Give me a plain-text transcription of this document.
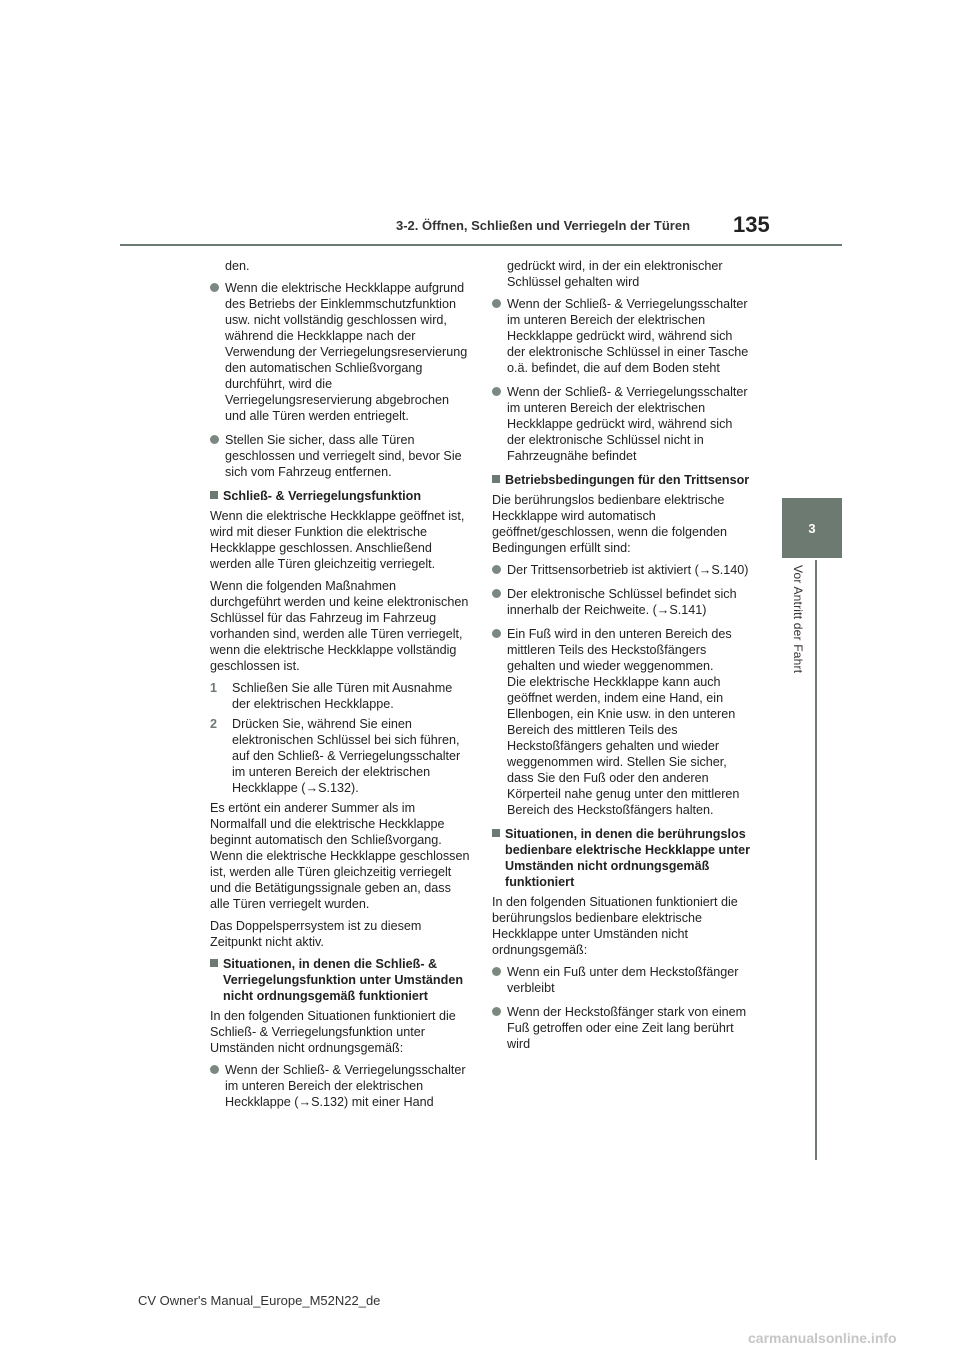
3-2. Öffnen, Schließen und Verriegeln der Türen	135
3
Vor Antritt der Fahrt

den.

Wenn die elektrische Heckklappe aufgrund des Betriebs der Einklemmschutzfunktion usw. nicht vollständig geschlossen wird, während die Heckklappe nach der Verwendung der Verriegelungsreservierung den automatischen Schließvorgang durchführt, wird die Verriegelungsreservierung abgebrochen und alle Türen werden entriegelt.
Stellen Sie sicher, dass alle Türen geschlossen und verriegelt sind, bevor Sie sich vom Fahrzeug entfernen.
Schließ- & Verriegelungsfunktion

Wenn die elektrische Heckklappe geöffnet ist, wird mit dieser Funktion die elektrische Heckklappe geschlossen. Anschließend werden alle Türen gleichzeitig verriegelt.

Wenn die folgenden Maßnahmen durchgeführt werden und keine elektronischen Schlüssel für das Fahrzeug im Fahrzeug vorhanden sind, werden alle Türen verriegelt, wenn die elektrische Heckklappe vollständig geschlossen ist.

1 Schließen Sie alle Türen mit Ausnahme der elektrischen Heckklappe.
2 Drücken Sie, während Sie einen elektronischen Schlüssel bei sich führen, auf den Schließ- & Verriegelungsschalter im unteren Bereich der elektrischen Heckklappe (→S.132).

Es ertönt ein anderer Summer als im Normalfall und die elektrische Heckklappe beginnt automatisch den Schließvorgang. Wenn die elektrische Heckklappe geschlossen ist, werden alle Türen gleichzeitig verriegelt und die Betätigungssignale geben an, dass alle Türen verriegelt wurden.

Das Doppelsperrsystem ist zu diesem Zeitpunkt nicht aktiv.

Situationen, in denen die Schließ- & Verriegelungsfunktion unter Umständen nicht ordnungsgemäß funktioniert

In den folgenden Situationen funktioniert die Schließ- & Verriegelungsfunktion unter Umständen nicht ordnungsgemäß:

Wenn der Schließ- & Verriegelungsschalter im unteren Bereich der elektrischen Heckklappe (→S.132) mit einer Hand

gedrückt wird, in der ein elektronischer Schlüssel gehalten wird

Wenn der Schließ- & Verriegelungsschalter im unteren Bereich der elektrischen Heckklappe gedrückt wird, während sich der elektronische Schlüssel in einer Tasche o.ä. befindet, die auf dem Boden steht
Wenn der Schließ- & Verriegelungsschalter im unteren Bereich der elektrischen Heckklappe gedrückt wird, während sich der elektronische Schlüssel nicht in Fahrzeugnähe befindet
Betriebsbedingungen für den Trittsensor

Die berührungslos bedienbare elektrische Heckklappe wird automatisch geöffnet/geschlossen, wenn die folgenden Bedingungen erfüllt sind:

Der Trittsensorbetrieb ist aktiviert (→S.140)
Der elektronische Schlüssel befindet sich innerhalb der Reichweite. (→S.141)
Ein Fuß wird in den unteren Bereich des mittleren Teils des Heckstoßfängers gehalten und wieder weggenommen.
Die elektrische Heckklappe kann auch geöffnet werden, indem eine Hand, ein Ellenbogen, ein Knie usw. in den unteren Bereich des mittleren Teils des Heckstoßfängers gehalten und wieder weggenommen wird. Stellen Sie sicher, dass Sie den Fuß oder den anderen Körperteil nahe genug unter den mittleren Bereich des Heckstoßfängers halten.
Situationen, in denen die berührungslos bedienbare elektrische Heckklappe unter Umständen nicht ordnungsgemäß funktioniert

In den folgenden Situationen funktioniert die berührungslos bedienbare elektrische Heckklappe unter Umständen nicht ordnungsgemäß:

Wenn ein Fuß unter dem Heckstoßfänger verbleibt
Wenn der Heckstoßfänger stark von einem Fuß getroffen oder eine Zeit lang berührt wird
CV Owner's Manual_Europe_M52N22_de
carmanualsonline.info
